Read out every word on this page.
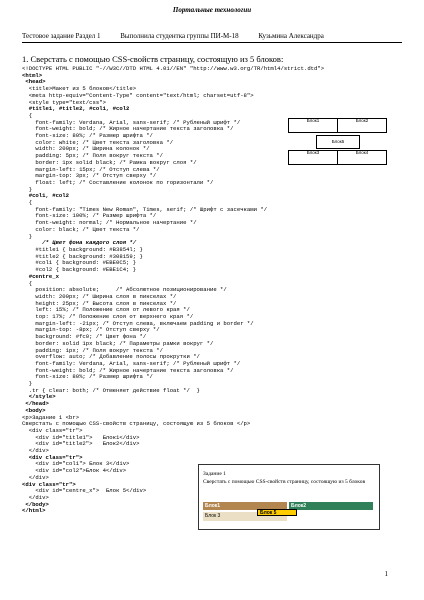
Портальные технологии
Тестовое задание Раздел 1	Выполнила студентка группы ПИ-М-18	Кузьмина Александра
1. Сверстать с помощью CSS-свойств страницу, состоящую из 5 блоков:
<!DOCTYPE HTML PUBLIC "-//W3C//DTD HTML 4.01//EN" "http://www.w3.org/TR/html4/strict.dtd">
<html>
<head>
<title>Макет из 5 блоков</title>
<meta http-equiv="Content-Type" content="text/html; charset=utf-8">
<style type="text/css">
#title1, #title2, #col1, #col2
{
font-family: Verdana, Arial, sans-serif; /* Рубленый шрифт */
font-weight: bold; /* Жирное начертание текста заголовка */
font-size: 80%; /* Размер шрифта */
color: white; /* Цвет текста заголовка */
width: 200px; /* Ширина колонок */
padding: 5px; /* Поля вокруг текста */
border: 1px solid black; /* Рамка вокруг слоя */
margin-left: 15px; /* Отступ слева */
margin-top: 3px; /* Отступ сверху */
float: left; /* Составление колонок по горизонтали */
}
#col1, #col2
{
font-family: "Times New Roman", Times, serif; /* Шрифт с засечками */
font-size: 100%; /* Размер шрифта */
font-weight: normal; /* Нормальное начертание */
color: black; /* Цвет текста */
}
/* Цвет фона каждого слоя */
#title1 { background: #B3854l; }
#title2 { background: #308159; }
#col1 { background: #EBE0C5; }
#col2 { background: #EBE1C4; }
#centre_x
{
position: absolute;     /* Абсолютное позиционирование */
width: 200px; /* Ширина слоя в пикселах */
height: 25px; /* Высота слоя в пикселах */
left: 15%; /* Положение слоя от левого края */
top: 17%; /* Положение слоя от верхнего края */
margin-left: -21px; /* Отступ слева, включаем padding и border */
margin-top: -8px; /* Отступ сверху */
background: #fc0; /* Цвет фона */
border: solid 1px black; /* Параметры рамки вокруг */
padding: 1px; /* Поля вокруг текста */
overflow: auto; /* Добавление полосы прокрутки */
font-family: Verdana, Arial, sans-serif; /* Рубленый шрифт */
font-weight: bold; /* Жирное начертание текста заголовка */
font-size: 80%; /* Размер шрифта */
}
.tr { clear: both; /* Отменяет действие float */  }
</style>
</head>
<body>
<p>Задание 1 <br>
Сверстать с помощью CSS-свойств страницу, состоящую из 5 блоков </p>
<div class="tr">
<div id="title1">   Блок1</div>
<div id="title2">   Блок2</div>
</div>
<div class="tr">
<div id="col1"> Блок 3</div>
<div id="col2">Блок 4</div>
</div>
<div class="tr">
<div id="centre_x">  Блок 5</div>
</div>
</body>
</html>

Блок1	Блок2
Блок3	Блок4
Блок5
Задание 1
Сверстать с помощью CSS-свойств страницу, состоящую из 5 блоков
Блок1	Блок2
Блок 3	Блок 5
1
